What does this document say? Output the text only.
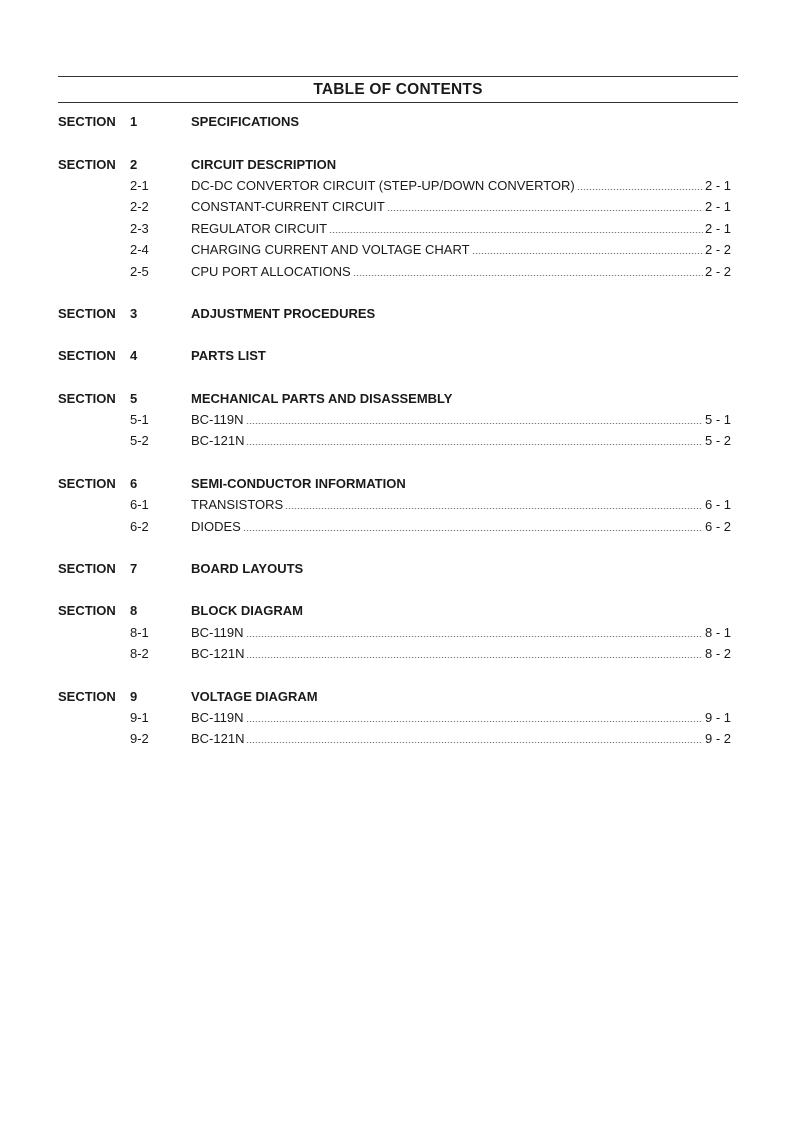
TABLE OF CONTENTS
SECTION	1	SPECIFICATIONS
SECTION	2	CIRCUIT DESCRIPTION
2-1	DC-DC CONVERTOR CIRCUIT (STEP-UP/DOWN CONVERTOR)	2 - 1
2-2	CONSTANT-CURRENT CIRCUIT	2 - 1
2-3	REGULATOR CIRCUIT	2 - 1
2-4	CHARGING CURRENT AND VOLTAGE CHART	2 - 2
2-5	CPU PORT ALLOCATIONS	2 - 2
SECTION	3	ADJUSTMENT PROCEDURES
SECTION	4	PARTS LIST
SECTION	5	MECHANICAL PARTS AND DISASSEMBLY
5-1	BC-119N	5 - 1
5-2	BC-121N	5 - 2
SECTION	6	SEMI-CONDUCTOR INFORMATION
6-1	TRANSISTORS	6 - 1
6-2	DIODES	6 - 2
SECTION	7	BOARD LAYOUTS
SECTION	8	BLOCK DIAGRAM
8-1	BC-119N	8 - 1
8-2	BC-121N	8 - 2
SECTION	9	VOLTAGE DIAGRAM
9-1	BC-119N	9 - 1
9-2	BC-121N	9 - 2
